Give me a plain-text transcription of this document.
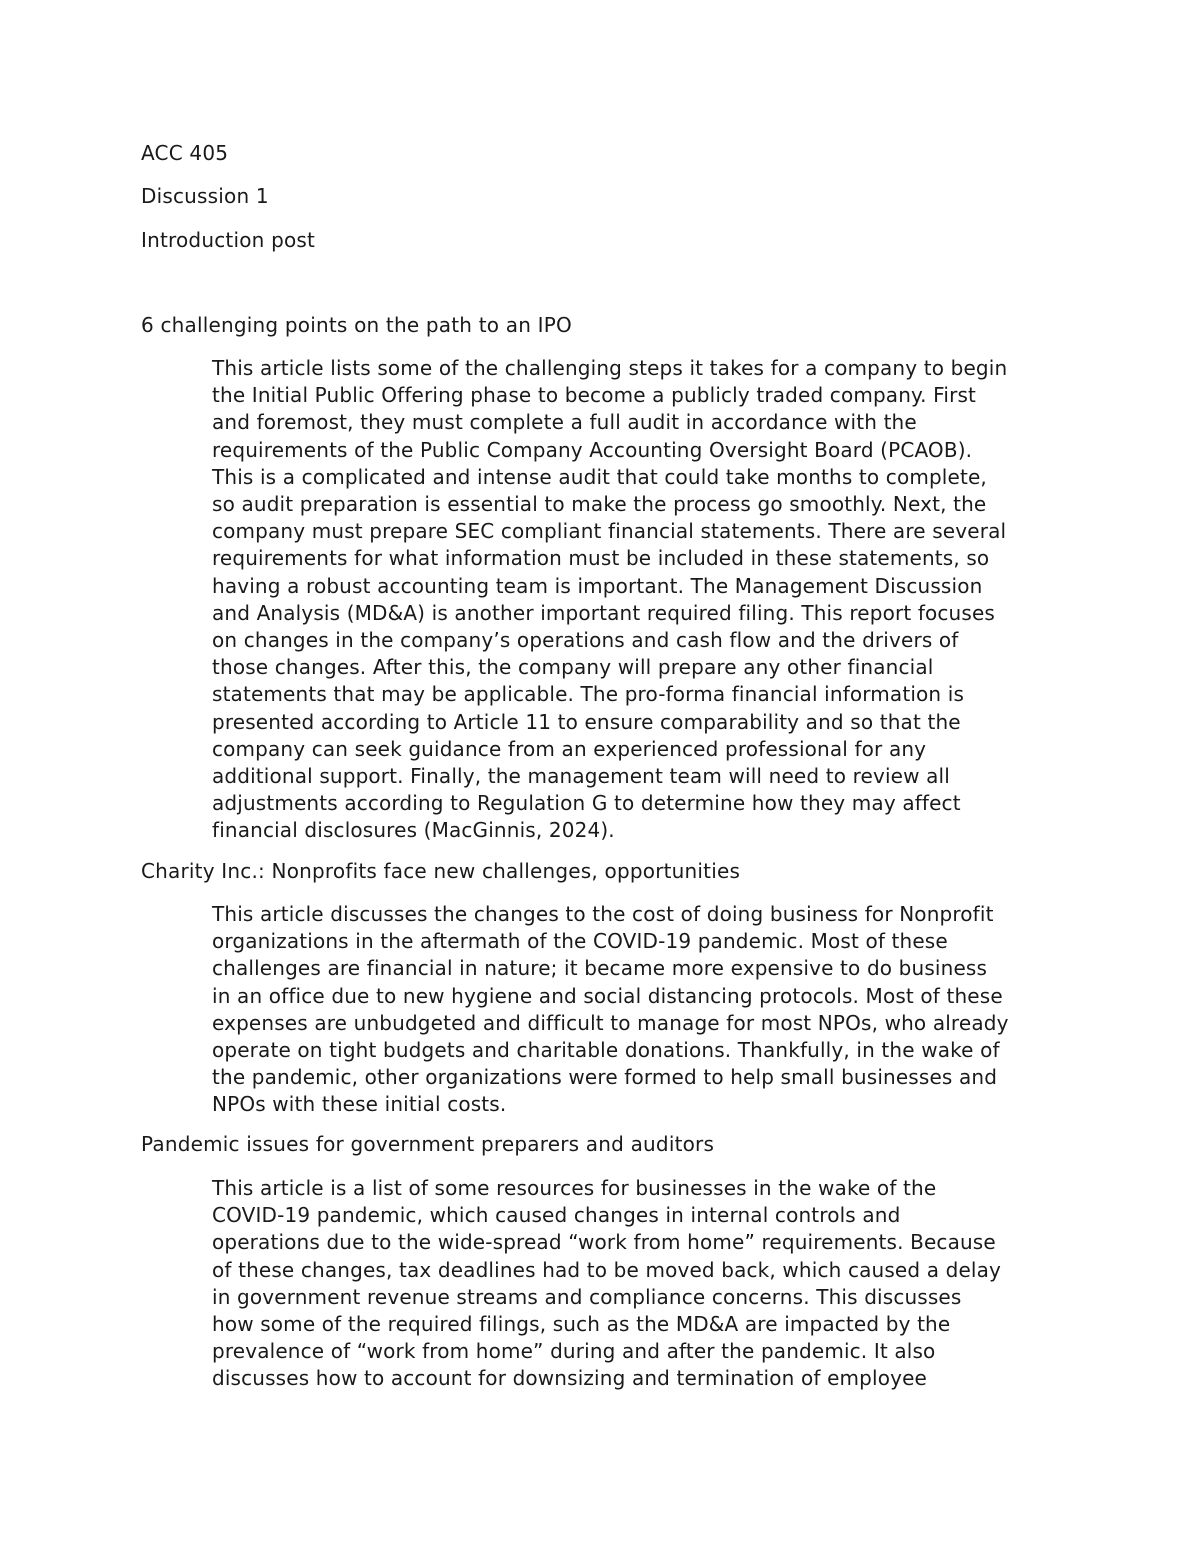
ACC 405

Discussion 1

Introduction post

6 challenging points on the path to an IPO

This article lists some of the challenging steps it takes for a company to begin
the Initial Public Offering phase to become a publicly traded company. First
and foremost, they must complete a full audit in accordance with the
requirements of the Public Company Accounting Oversight Board (PCAOB).
This is a complicated and intense audit that could take months to complete,
so audit preparation is essential to make the process go smoothly. Next, the
company must prepare SEC compliant financial statements. There are several
requirements for what information must be included in these statements, so
having a robust accounting team is important. The Management Discussion
and Analysis (MD&A) is another important required filing. This report focuses
on changes in the company’s operations and cash flow and the drivers of
those changes. After this, the company will prepare any other financial
statements that may be applicable. The pro-forma financial information is
presented according to Article 11 to ensure comparability and so that the
company can seek guidance from an experienced professional for any
additional support. Finally, the management team will need to review all
adjustments according to Regulation G to determine how they may affect
financial disclosures (MacGinnis, 2024).

Charity Inc.: Nonprofits face new challenges, opportunities

This article discusses the changes to the cost of doing business for Nonprofit
organizations in the aftermath of the COVID-19 pandemic. Most of these
challenges are financial in nature; it became more expensive to do business
in an office due to new hygiene and social distancing protocols. Most of these
expenses are unbudgeted and difficult to manage for most NPOs, who already
operate on tight budgets and charitable donations. Thankfully, in the wake of
the pandemic, other organizations were formed to help small businesses and
NPOs with these initial costs.

Pandemic issues for government preparers and auditors

This article is a list of some resources for businesses in the wake of the
COVID-19 pandemic, which caused changes in internal controls and
operations due to the wide-spread “work from home” requirements. Because
of these changes, tax deadlines had to be moved back, which caused a delay
in government revenue streams and compliance concerns. This discusses
how some of the required filings, such as the MD&A are impacted by the
prevalence of “work from home” during and after the pandemic. It also
discusses how to account for downsizing and termination of employee
